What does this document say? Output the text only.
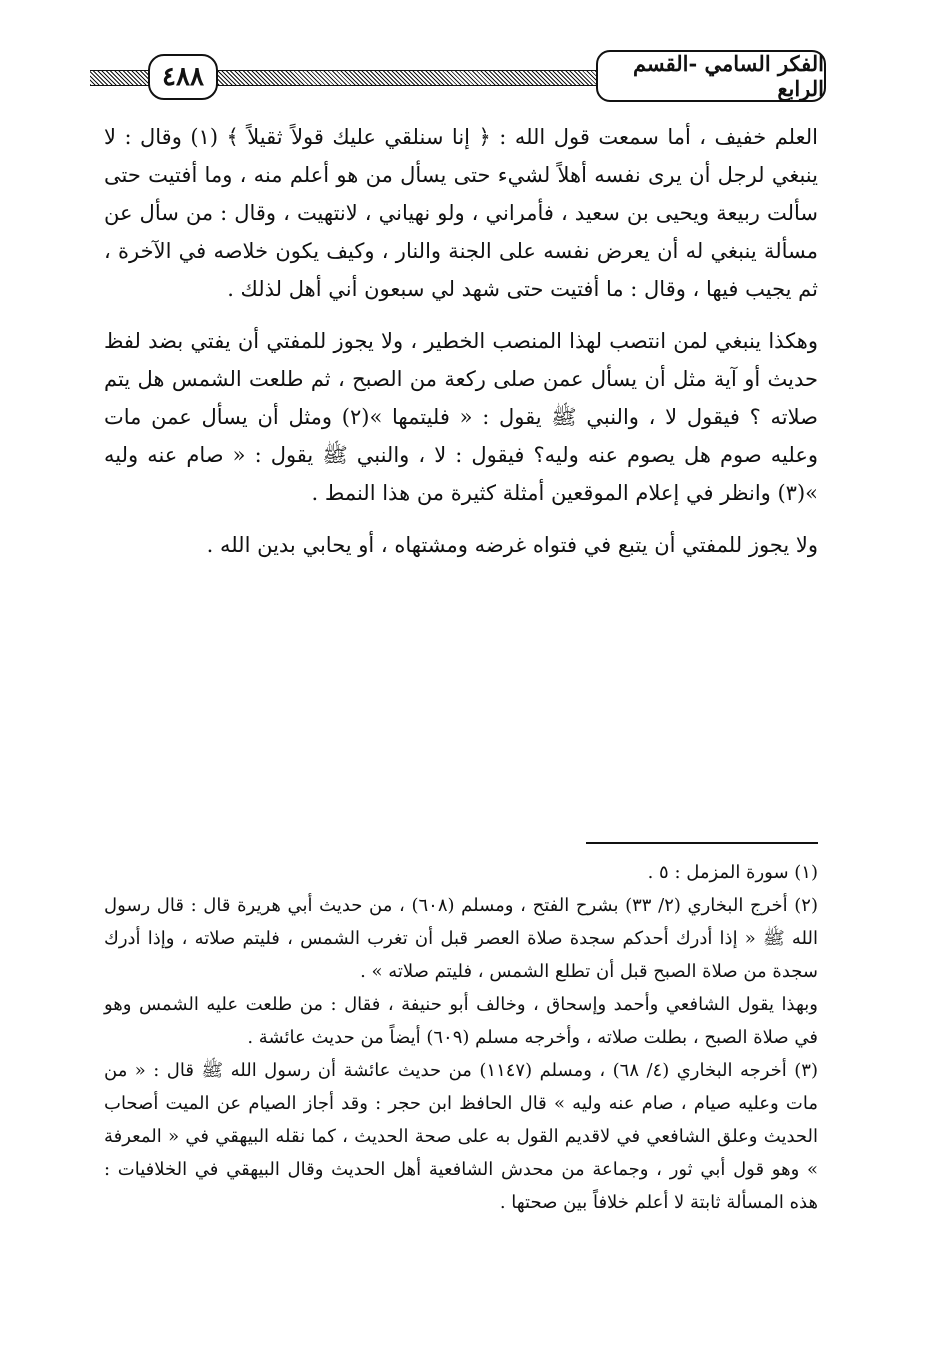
٤٨٨	الفكر السامي -القسم الرابع

العلم خفيف ، أما سمعت قول الله : ﴿ إنا سنلقي عليك قولاً ثقيلاً ﴾ (١) وقال : لا ينبغي لرجل أن يرى نفسه أهلاً لشيء حتى يسأل من هو أعلم منه ، وما أفتيت حتى سألت ربيعة ويحيى بن سعيد ، فأمراني ، ولو نهياني ، لانتهيت ، وقال : من سأل عن مسألة ينبغي له أن يعرض نفسه على الجنة والنار ، وكيف يكون خلاصه في الآخرة ، ثم يجيب فيها ، وقال : ما أفتيت حتى شهد لي سبعون أني أهل لذلك .

وهكذا ينبغي لمن انتصب لهذا المنصب الخطير ، ولا يجوز للمفتي أن يفتي بضد لفظ حديث أو آية مثل أن يسأل عمن صلى ركعة من الصبح ، ثم طلعت الشمس هل يتم صلاته ؟ فيقول لا ، والنبي ﷺ يقول : « فليتمها »(٢) ومثل أن يسأل عمن مات وعليه صوم هل يصوم عنه وليه؟ فيقول : لا ، والنبي ﷺ يقول : « صام عنه وليه »(٣) وانظر في إعلام الموقعين أمثلة كثيرة من هذا النمط .

ولا يجوز للمفتي أن يتبع في فتواه غرضه ومشتهاه ، أو يحابي بدين الله .

(١) سورة المزمل : ٥ .

(٢) أخرج البخاري (٢/ ٣٣) بشرح الفتح ، ومسلم (٦٠٨) ، من حديث أبي هريرة قال : قال رسول الله ﷺ « إذا أدرك أحدكم سجدة صلاة العصر قبل أن تغرب الشمس ، فليتم صلاته ، وإذا أدرك سجدة من صلاة الصبح قبل أن تطلع الشمس ، فليتم صلاته » .

وبهذا يقول الشافعي وأحمد وإسحاق ، وخالف أبو حنيفة ، فقال : من طلعت عليه الشمس وهو في صلاة الصبح ، بطلت صلاته ، وأخرجه مسلم (٦٠٩) أيضاً من حديث عائشة .

(٣) أخرجه البخاري (٤/ ٦٨) ، ومسلم (١١٤٧) من حديث عائشة أن رسول الله ﷺ قال : « من مات وعليه صيام ، صام عنه وليه » قال الحافظ ابن حجر : وقد أجاز الصيام عن الميت أصحاب الحديث وعلق الشافعي في لاقديم القول به على صحة الحديث ، كما نقله البيهقي في « المعرفة » وهو قول أبي ثور ، وجماعة من محدش الشافعية أهل الحديث وقال البيهقي في الخلافيات : هذه المسألة ثابتة لا أعلم خلافاً بين صحتها .
